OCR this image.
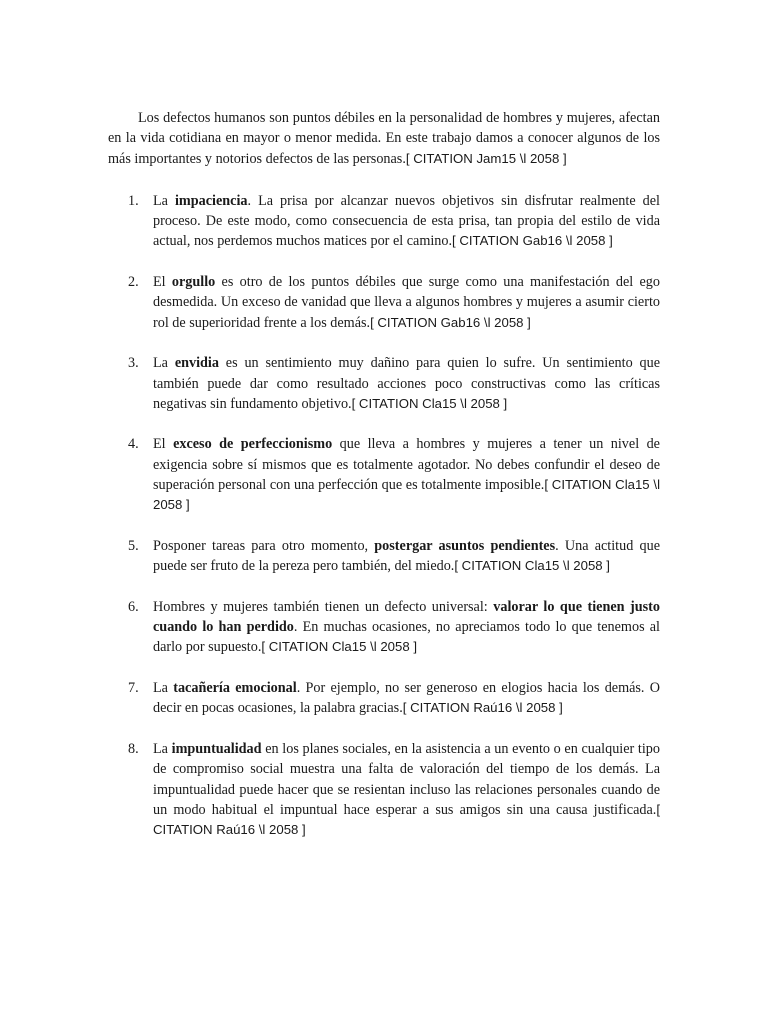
Los defectos humanos son puntos débiles en la personalidad de hombres y mujeres, afectan en la vida cotidiana en mayor o menor medida. En este trabajo damos a conocer algunos de los más importantes y notorios defectos de las personas.[ CITATION Jam15 \l 2058 ]

1. La impaciencia. La prisa por alcanzar nuevos objetivos sin disfrutar realmente del proceso. De este modo, como consecuencia de esta prisa, tan propia del estilo de vida actual, nos perdemos muchos matices por el camino.[ CITATION Gab16 \l 2058 ]
2. El orgullo es otro de los puntos débiles que surge como una manifestación del ego desmedida. Un exceso de vanidad que lleva a algunos hombres y mujeres a asumir cierto rol de superioridad frente a los demás.[ CITATION Gab16 \l 2058 ]
3. La envidia es un sentimiento muy dañino para quien lo sufre. Un sentimiento que también puede dar como resultado acciones poco constructivas como las críticas negativas sin fundamento objetivo.[ CITATION Cla15 \l 2058 ]
4. El exceso de perfeccionismo que lleva a hombres y mujeres a tener un nivel de exigencia sobre sí mismos que es totalmente agotador. No debes confundir el deseo de superación personal con una perfección que es totalmente imposible.[ CITATION Cla15 \l 2058 ]
5. Posponer tareas para otro momento, postergar asuntos pendientes. Una actitud que puede ser fruto de la pereza pero también, del miedo.[ CITATION Cla15 \l 2058 ]
6. Hombres y mujeres también tienen un defecto universal: valorar lo que tienen justo cuando lo han perdido. En muchas ocasiones, no apreciamos todo lo que tenemos al darlo por supuesto.[ CITATION Cla15 \l 2058 ]
7. La tacañería emocional. Por ejemplo, no ser generoso en elogios hacia los demás. O decir en pocas ocasiones, la palabra gracias.[ CITATION Raú16 \l 2058 ]
8. La impuntualidad en los planes sociales, en la asistencia a un evento o en cualquier tipo de compromiso social muestra una falta de valoración del tiempo de los demás. La impuntualidad puede hacer que se resientan incluso las relaciones personales cuando de un modo habitual el impuntual hace esperar a sus amigos sin una causa justificada.[ CITATION Raú16 \l 2058 ]
